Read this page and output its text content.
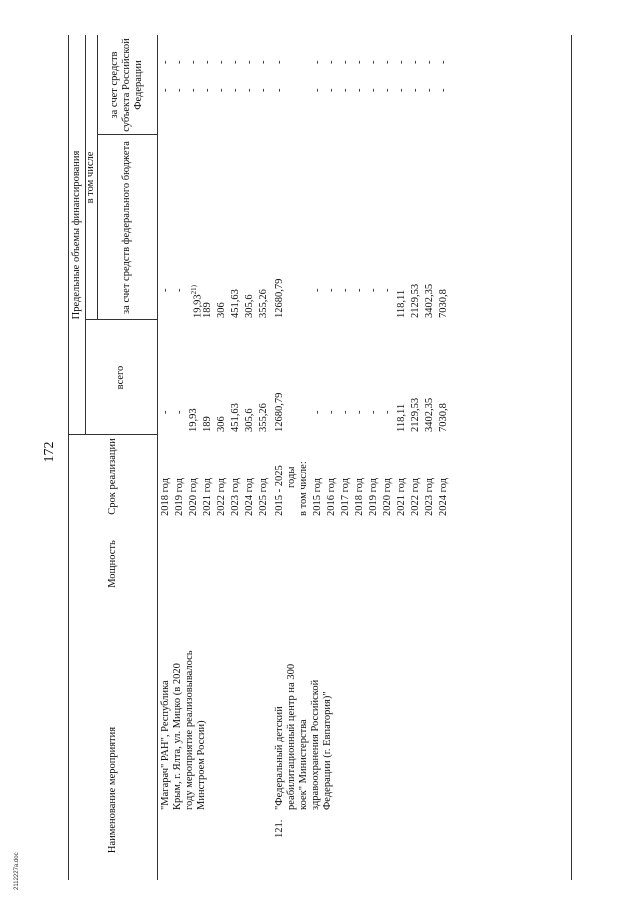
172
2112227a.doc
Наименование мероприятия
Мощность
Срок реализации
Предельные объемы финансирования
всего
в том числе	за счет средств федерального бюджета
за счет средств субъекта Российской Федерации
"Магарач" РАН", Республика Крым, г. Ялта, ул. Мицко (в 2020 году мероприятие реализовывалось Минстроем России)
121.
"Федеральный детский реабилитационный центр на 300 коек" Министерства здравоохранения Российской Федерации (г. Евпатория)"
2015 - 2025 годы
12680,79
12680,79
-
-
в том числе:
2018 год
-
-
-
-
2019 год
-
-
-
-
2020 год
19,93
19,93$^{21)}$
-
-
2021 год
189
189
-
-
2022 год
306
306
-
-
2023 год
451,63
451,63
-
-
2024 год
305,6
305,6
-
-
2025 год
355,26
355,26
-
-
2015 год
-
-
-
-
2016 год
-
-
-
-
2017 год
-
-
-
-
2018 год
-
-
-
-
2019 год
-
-
-
-
2020 год
-
-
-
-
2021 год
118,11
118,11
-
-
2022 год
2129,53
2129,53
-
-
2023 год
3402,35
3402,35
-
-
2024 год
7030,8
7030,8
-
-
